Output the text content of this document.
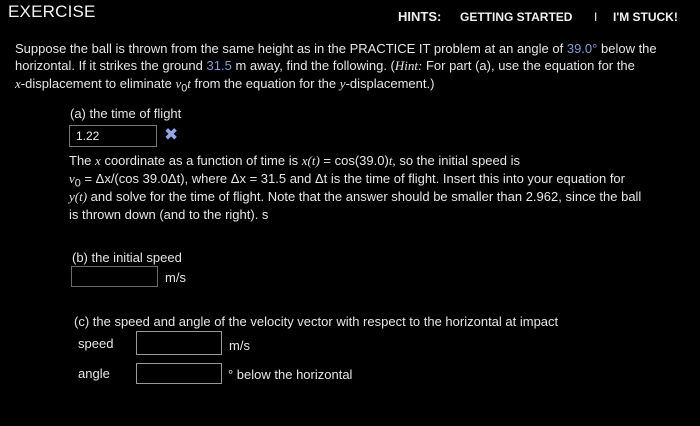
EXERCISE	HINTS: GETTING STARTED I I'M STUCK!
Suppose the ball is thrown from the same height as in the PRACTICE IT problem at an angle of 39.0° below the
horizontal. If it strikes the ground 31.5 m away, find the following. (Hint: For part (a), use the equation for the
x-displacement to eliminate $v_0t$ from the equation for the y-displacement.)
(a) the time of flight
1.22	✖
The x coordinate as a function of time is x(t) = cos(39.0)t, so the initial speed is
$v_0 = \Delta x/(\cos$ 39.0Δt), where Δx = 31.5 and Δt is the time of flight. Insert this into your equation for
y(t) and solve for the time of flight. Note that the answer should be smaller than 2.962, since the ball
is thrown down (and to the right). s
(b) the initial speed
m/s
(c) the speed and angle of the velocity vector with respect to the horizontal at impact
speed	m/s
angle	° below the horizontal
